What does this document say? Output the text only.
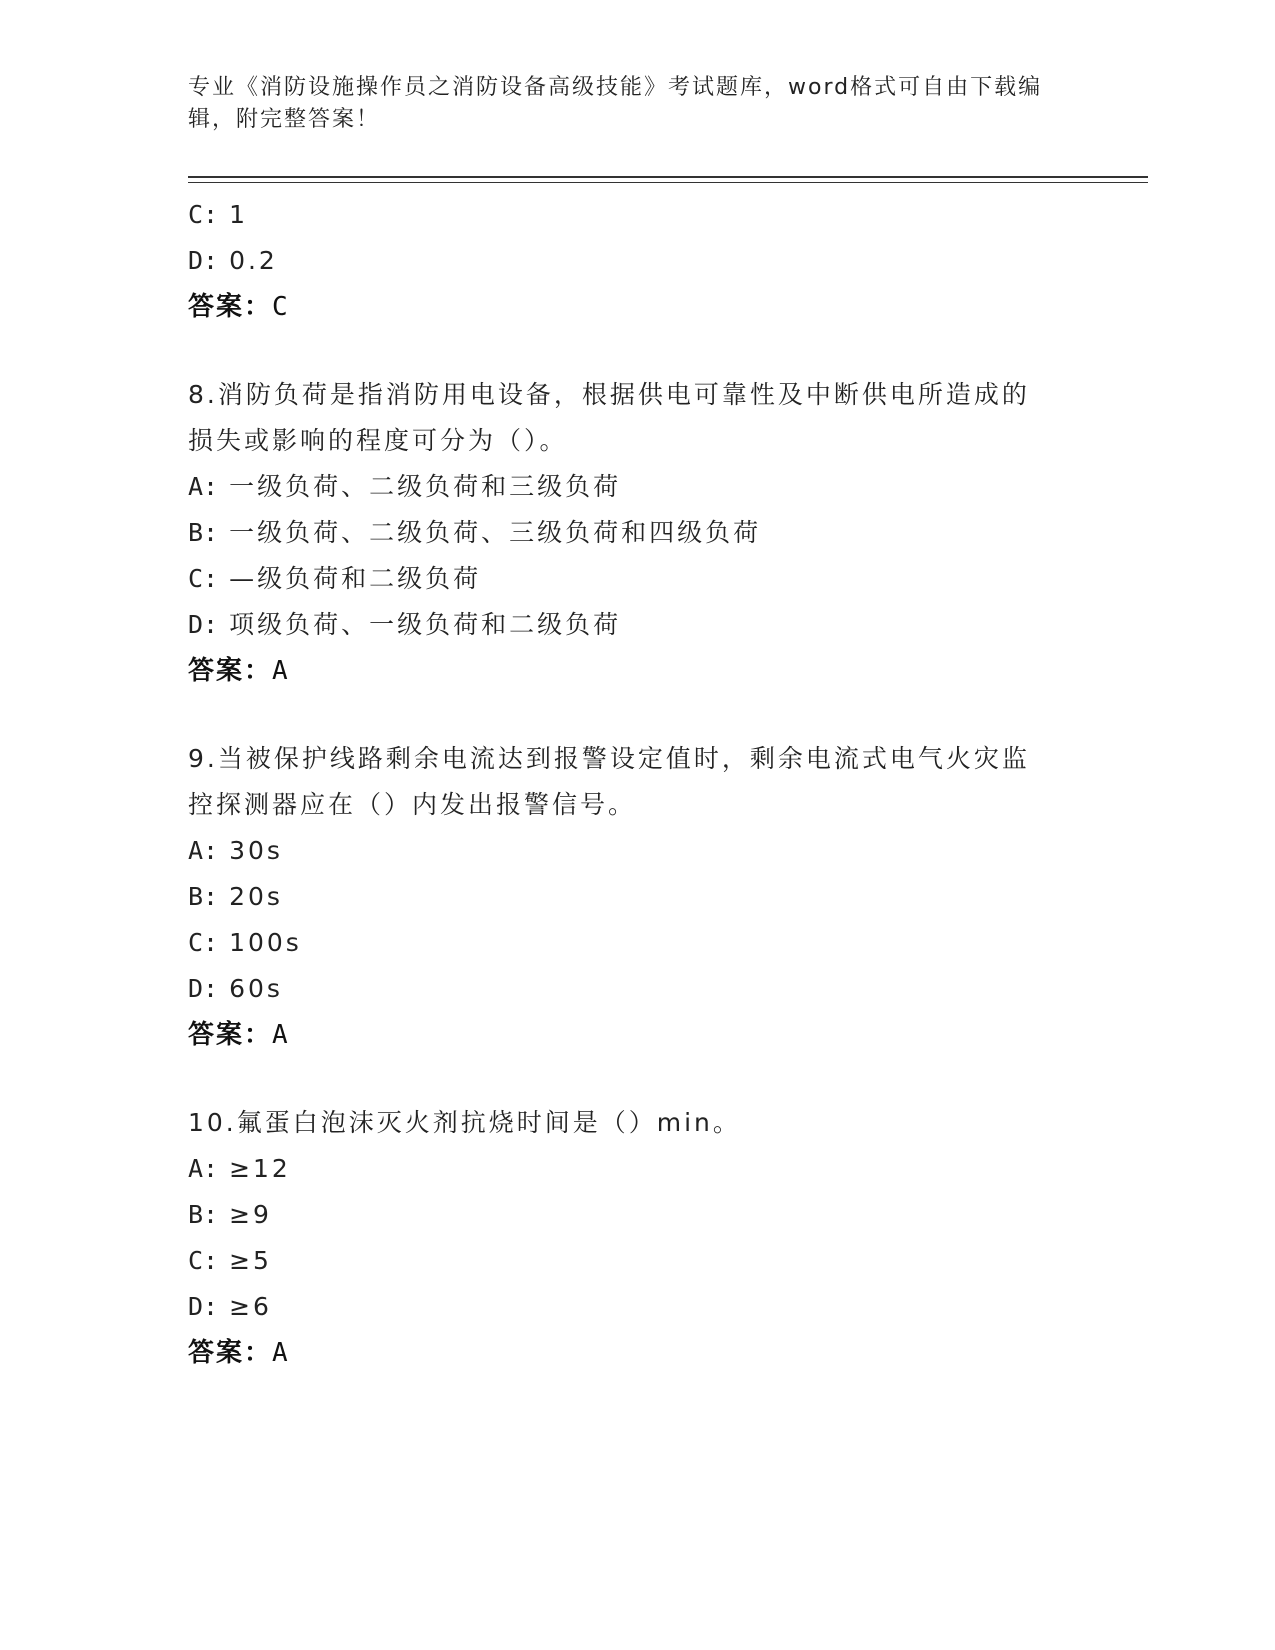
专业《消防设施操作员之消防设备高级技能》考试题库，word格式可自由下载编
辑，附完整答案！
C: 1
D: 0.2
答案：C
8.消防负荷是指消防用电设备，根据供电可靠性及中断供电所造成的
损失或影响的程度可分为（）。
A: 一级负荷、二级负荷和三级负荷
B: 一级负荷、二级负荷、三级负荷和四级负荷
C: —级负荷和二级负荷
D: 项级负荷、一级负荷和二级负荷
答案：A
9.当被保护线路剩余电流达到报警设定值时，剩余电流式电气火灾监
控探测器应在（）内发出报警信号。
A: 30s
B: 20s
C: 100s
D: 60s
答案：A
10.氟蛋白泡沫灭火剂抗烧时间是（）min。
A: ≥12
B: ≥9
C: ≥5
D: ≥6
答案：A
